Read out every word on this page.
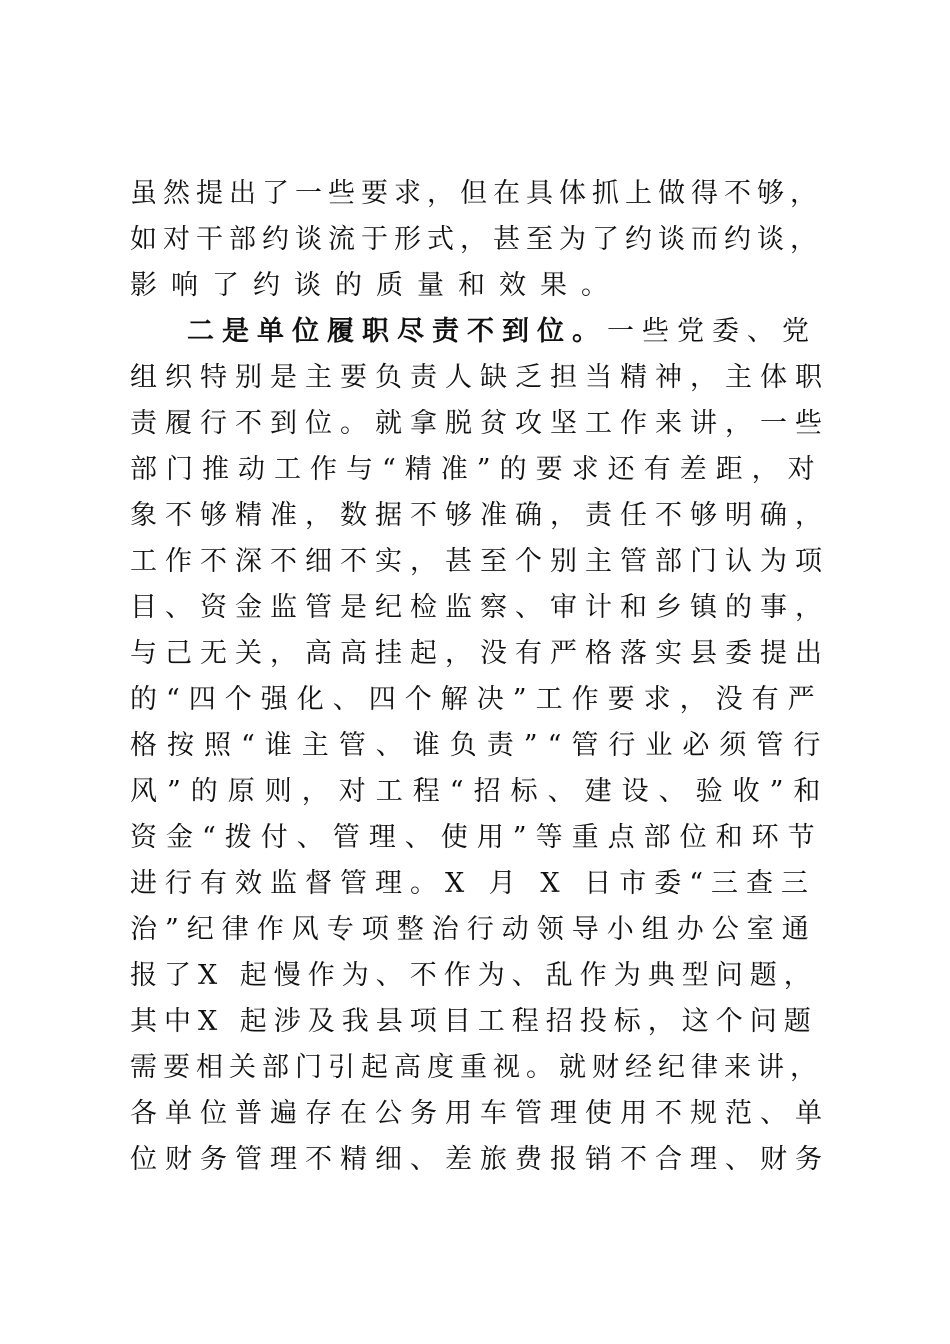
虽然提出了一些要求，但在具体抓上做得不够，
如对干部约谈流于形式，甚至为了约谈而约谈，
影响了约谈的质量和效果。
二是单位履职尽责不到位。一些党委、党
组织特别是主要负责人缺乏担当精神，主体职
责履行不到位。就拿脱贫攻坚工作来讲，一些
部门推动工作与“精准”的要求还有差距，对
象不够精准，数据不够准确，责任不够明确，
工作不深不细不实，甚至个别主管部门认为项
目、资金监管是纪检监察、审计和乡镇的事，
与己无关，高高挂起，没有严格落实县委提出
的“四个强化、四个解决”工作要求，没有严
格按照“谁主管、谁负责”“管行业必须管行
风”的原则，对工程“招标、建设、验收”和
资金“拨付、管理、使用”等重点部位和环节
进行有效监督管理。X 月 X 日市委“三查三
治”纪律作风专项整治行动领导小组办公室通
报了X 起慢作为、不作为、乱作为典型问题，
其中X 起涉及我县项目工程招投标，这个问题
需要相关部门引起高度重视。就财经纪律来讲，
各单位普遍存在公务用车管理使用不规范、单
位财务管理不精细、差旅费报销不合理、财务
